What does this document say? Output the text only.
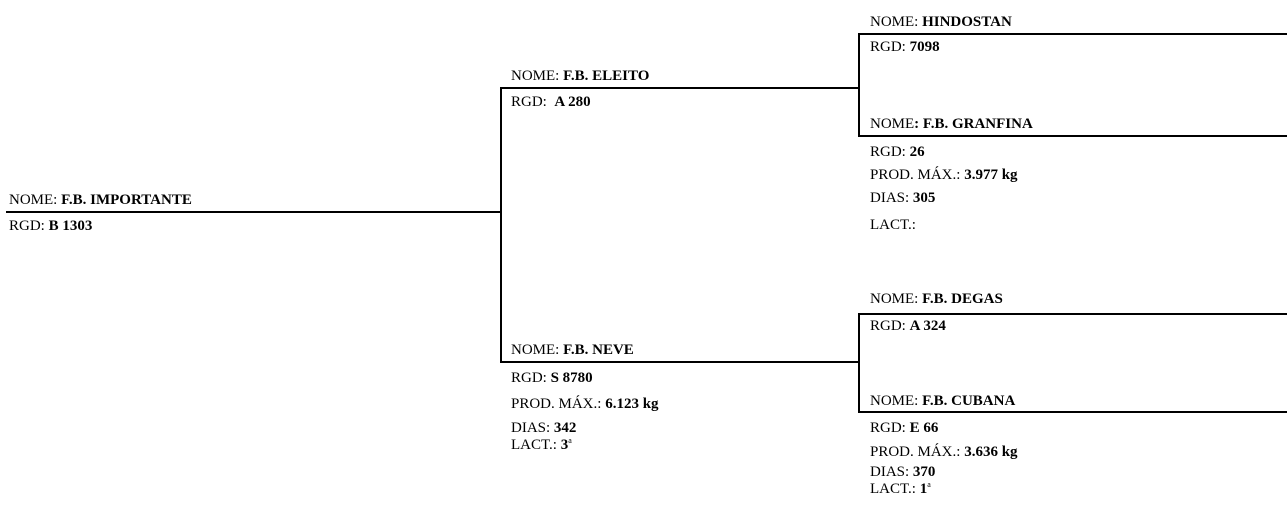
NOME: F.B. IMPORTANTE
RGD: B 1303
NOME: F.B. ELEITO
RGD:  A 280
NOME: F.B. NEVE
RGD: S 8780
PROD. MÁX.: 6.123 kg
DIAS: 342
LACT.: 3$^a$
NOME: HINDOSTAN
RGD: 7098
NOME: F.B. GRANFINA
RGD: 26
PROD. MÁX.: 3.977 kg
DIAS: 305
LACT.:
NOME: F.B. DEGAS
RGD: A 324
NOME: F.B. CUBANA
RGD: E 66
PROD. MÁX.: 3.636 kg
DIAS: 370
LACT.: 1$^a$
